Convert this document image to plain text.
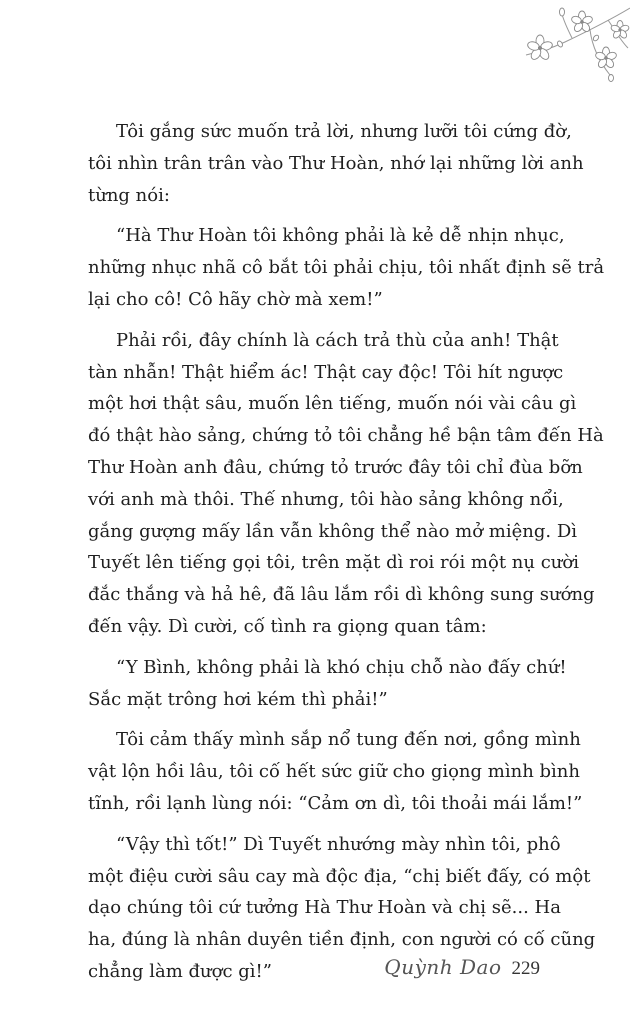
Tôi gắng sức muốn trả lời, nhưng lưỡi tôi cứng đờ,
tôi nhìn trân trân vào Thư Hoàn, nhớ lại những lời anh
từng nói:

“Hà Thư Hoàn tôi không phải là kẻ dễ nhịn nhục,
những nhục nhã cô bắt tôi phải chịu, tôi nhất định sẽ trả
lại cho cô! Cô hãy chờ mà xem!”

Phải rồi, đây chính là cách trả thù của anh! Thật
tàn nhẫn! Thật hiểm ác! Thật cay độc! Tôi hít ngược
một hơi thật sâu, muốn lên tiếng, muốn nói vài câu gì
đó thật hào sảng, chứng tỏ tôi chẳng hề bận tâm đến Hà
Thư Hoàn anh đâu, chứng tỏ trước đây tôi chỉ đùa bỡn
với anh mà thôi. Thế nhưng, tôi hào sảng không nổi,
gắng gượng mấy lần vẫn không thể nào mở miệng. Dì
Tuyết lên tiếng gọi tôi, trên mặt dì roi rói một nụ cười
đắc thắng và hả hê, đã lâu lắm rồi dì không sung sướng
đến vậy. Dì cười, cố tình ra giọng quan tâm:

“Y Bình, không phải là khó chịu chỗ nào đấy chứ!
Sắc mặt trông hơi kém thì phải!”

Tôi cảm thấy mình sắp nổ tung đến nơi, gồng mình
vật lộn hồi lâu, tôi cố hết sức giữ cho giọng mình bình
tĩnh, rồi lạnh lùng nói: “Cảm ơn dì, tôi thoải mái lắm!”

“Vậy thì tốt!” Dì Tuyết nhướng mày nhìn tôi, phô
một điệu cười sâu cay mà độc địa, “chị biết đấy, có một
dạo chúng tôi cứ tưởng Hà Thư Hoàn và chị sẽ... Ha
ha, đúng là nhân duyên tiền định, con người có cố cũng
chẳng làm được gì!”	Quỳnh Dao 229
